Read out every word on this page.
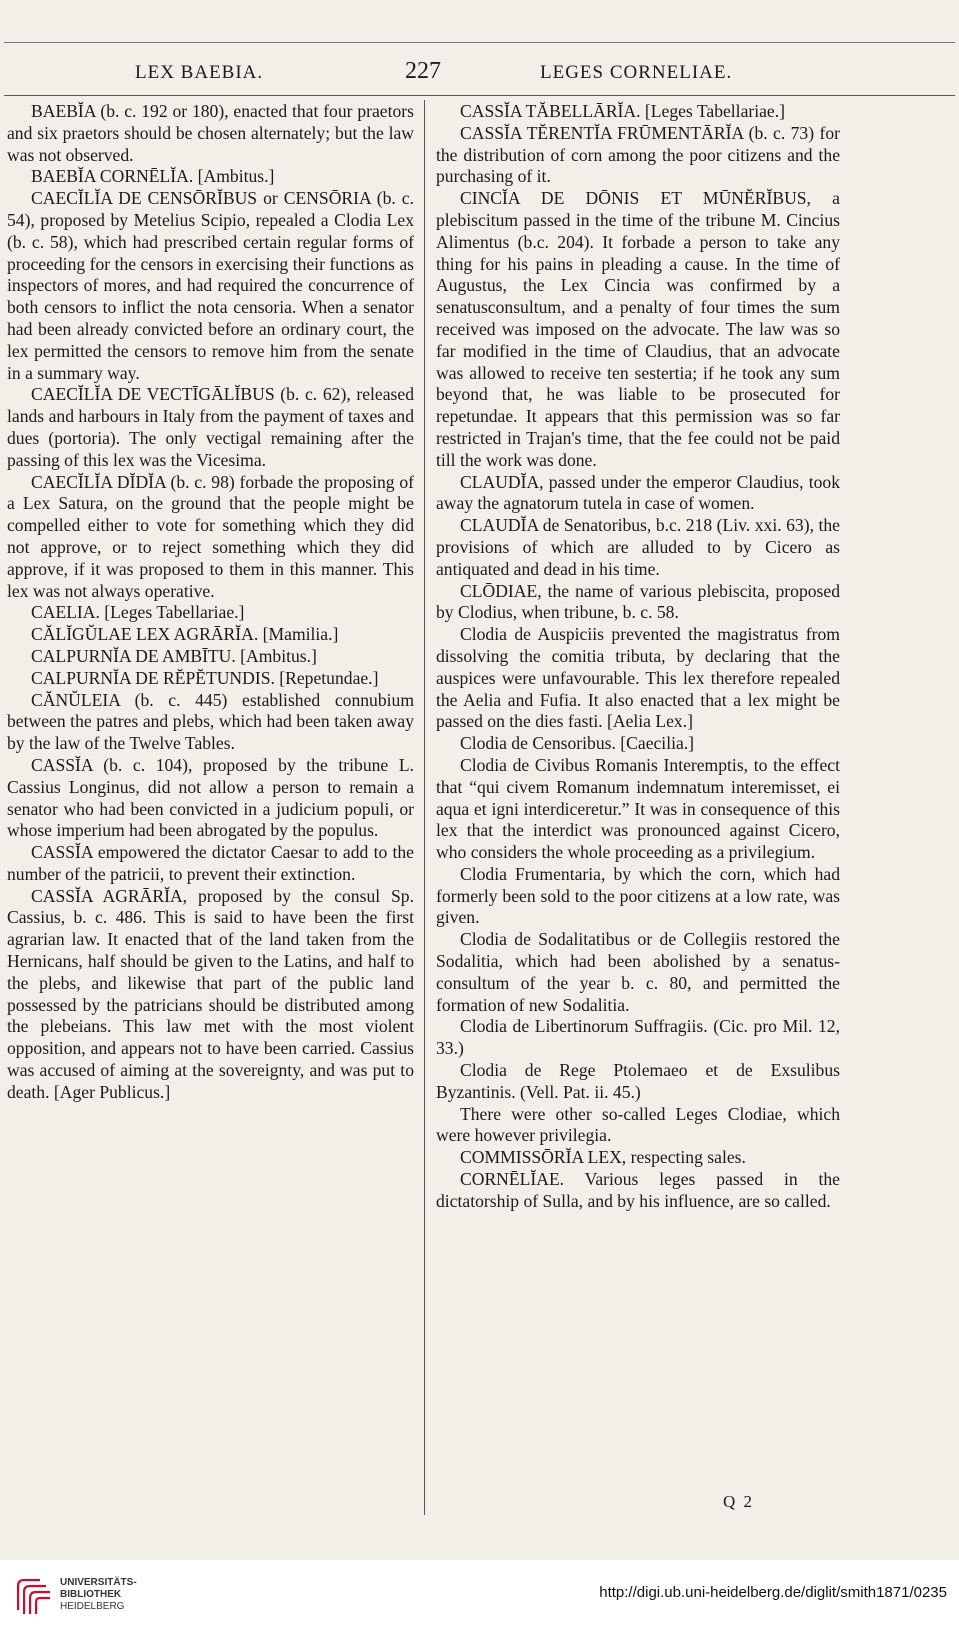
LEX BAEBIA.	227	LEGES CORNELIAE.

BAEBĬA (b. c. 192 or 180), enacted that four praetors and six praetors should be chosen alternately; but the law was not observed.

BAEBĬA CORNĒLĬA. [Ambitus.]

CAECĬLĬA DE CENSŌRĬBUS or CENSŌRIA (b. c. 54), proposed by Metelius Scipio, repealed a Clodia Lex (b. c. 58), which had prescribed certain regular forms of proceeding for the censors in exercising their functions as inspectors of mores, and had required the concurrence of both censors to inflict the nota censoria. When a senator had been already convicted before an ordinary court, the lex permitted the censors to remove him from the senate in a summary way.

CAECĬLĬA DE VECTĪGĀLĬBUS (b. c. 62), released lands and harbours in Italy from the payment of taxes and dues (portoria). The only vectigal remaining after the passing of this lex was the Vicesima.

CAECĬLĬA DĬDĬA (b. c. 98) forbade the proposing of a Lex Satura, on the ground that the people might be compelled either to vote for something which they did not approve, or to reject something which they did approve, if it was proposed to them in this manner. This lex was not always operative.

CAELIA. [Leges Tabellariae.]

CĂLĬGŬLAE LEX AGRĀRĬA. [Mamilia.]

CALPURNĬA DE AMBĪTU. [Ambitus.]

CALPURNĬA DE RĔPĔTUNDIS. [Repetundae.]

CĂNŬLEIA (b. c. 445) established connubium between the patres and plebs, which had been taken away by the law of the Twelve Tables.

CASSĬA (b. c. 104), proposed by the tribune L. Cassius Longinus, did not allow a person to remain a senator who had been convicted in a judicium populi, or whose imperium had been abrogated by the populus.

CASSĬA empowered the dictator Caesar to add to the number of the patricii, to prevent their extinction.

CASSĬA AGRĀRĬA, proposed by the consul Sp. Cassius, b. c. 486. This is said to have been the first agrarian law. It enacted that of the land taken from the Hernicans, half should be given to the Latins, and half to the plebs, and likewise that part of the public land possessed by the patricians should be distributed among the plebeians. This law met with the most violent opposition, and appears not to have been carried. Cassius was accused of aiming at the sovereignty, and was put to death. [Ager Publicus.]

CASSĬA TĂBELLĀRĬA. [Leges Tabellariae.]

CASSĬA TĔRENTĬA FRŪMENTĀRĬA (b. c. 73) for the distribution of corn among the poor citizens and the purchasing of it.

CINCĬA DE DŌNIS ET MŪNĔRĬBUS, a plebiscitum passed in the time of the tribune M. Cincius Alimentus (b.c. 204). It forbade a person to take any thing for his pains in pleading a cause. In the time of Augustus, the Lex Cincia was confirmed by a senatusconsultum, and a penalty of four times the sum received was imposed on the advocate. The law was so far modified in the time of Claudius, that an advocate was allowed to receive ten sestertia; if he took any sum beyond that, he was liable to be prosecuted for repetundae. It appears that this permission was so far restricted in Trajan's time, that the fee could not be paid till the work was done.

CLAUDĬA, passed under the emperor Claudius, took away the agnatorum tutela in case of women.

CLAUDĬA de Senatoribus, b.c. 218 (Liv. xxi. 63), the provisions of which are alluded to by Cicero as antiquated and dead in his time.

CLŌDIAE, the name of various plebiscita, proposed by Clodius, when tribune, b. c. 58.

Clodia de Auspiciis prevented the magistratus from dissolving the comitia tributa, by declaring that the auspices were unfavourable. This lex therefore repealed the Aelia and Fufia. It also enacted that a lex might be passed on the dies fasti. [Aelia Lex.]

Clodia de Censoribus. [Caecilia.]

Clodia de Civibus Romanis Interemptis, to the effect that “qui civem Romanum indemnatum interemisset, ei aqua et igni interdiceretur.” It was in consequence of this lex that the interdict was pronounced against Cicero, who considers the whole proceeding as a privilegium.

Clodia Frumentaria, by which the corn, which had formerly been sold to the poor citizens at a low rate, was given.

Clodia de Sodalitatibus or de Collegiis restored the Sodalitia, which had been abolished by a senatus-consultum of the year b. c. 80, and permitted the formation of new Sodalitia.

Clodia de Libertinorum Suffragiis. (Cic. pro Mil. 12, 33.)

Clodia de Rege Ptolemaeo et de Exsulibus Byzantinis. (Vell. Pat. ii. 45.)

There were other so-called Leges Clodiae, which were however privilegia.

COMMISSŌRĬA LEX, respecting sales.

CORNĒLĬAE. Various leges passed in the dictatorship of Sulla, and by his influence, are so called.

Q 2
UNIVERSITÄTS-
BIBLIOTHEK
HEIDELBERG
http://digi.ub.uni-heidelberg.de/diglit/smith1871/0235
